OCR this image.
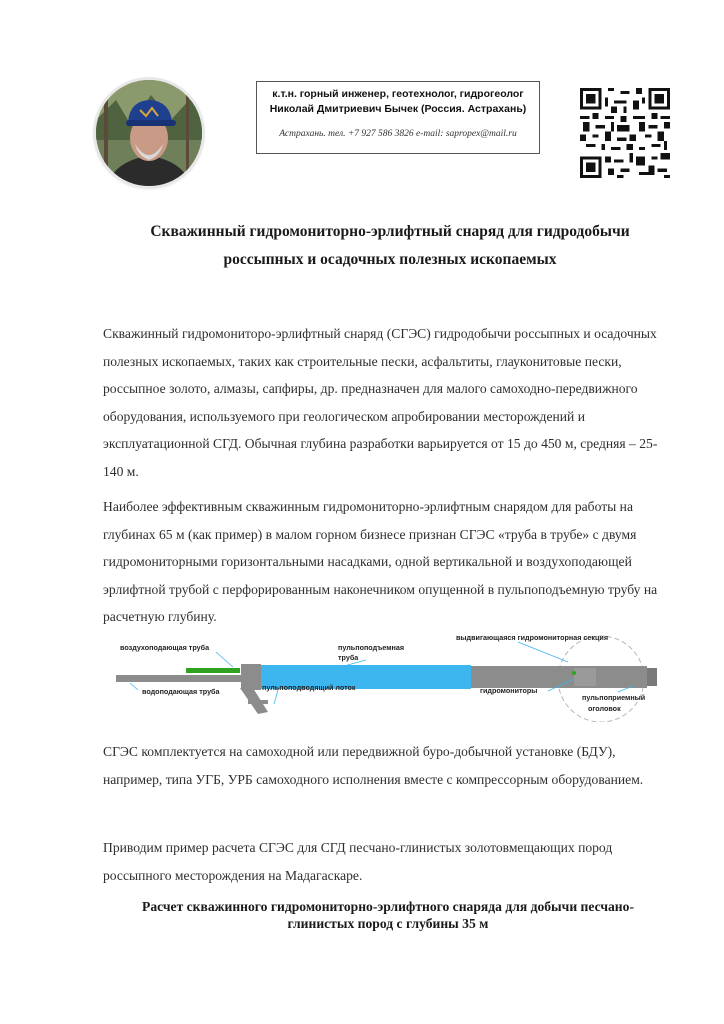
к.т.н. горный инженер, геотехнолог, гидрогеолог
Николай Дмитриевич Бычек (Россия. Астрахань)
Астрахань. тел. +7 927 586 3826 e-mail: sapropex@mail.ru
Скважинный гидромониторно-эрлифтный снаряд для гидродобычи
россыпных и осадочных полезных ископаемых

Скважинный гидромониторо-эрлифтный снаряд (СГЭС) гидродобычи россыпных и осадочных полезных ископаемых, таких как строительные пески, асфальтиты, глауконитовые пески, россыпное золото, алмазы, сапфиры, др. предназначен для малого самоходно-передвижного оборудования, используемого при геологическом апробировании месторождений и эксплуатационной СГД. Обычная глубина разработки варьируется от 15 до 450 м, средняя – 25-140 м.

Наиболее эффективным скважинным гидромониторно-эрлифтным снарядом для работы на глубинах 65 м (как пример) в малом горном бизнесе признан СГЭС «труба в трубе» с двумя гидромониторными горизонтальными насадками, одной вертикальной и воздухоподающей эрлифтной трубой с перфорированным наконечником опущенной в пульпоподъемную трубу на расчетную глубину.

воздухоподающая труба
водоподающая труба
пульпоподъемная
труба
пульпоподводящий лоток
выдвигающаяся гидромониторная секция
гидромониторы
пульпоприемный
оголовок

СГЭС комплектуется на самоходной или передвижной буро-добычной установке (БДУ), например, типа УГБ, УРБ самоходного исполнения вместе с компрессорным оборудованием.

Приводим пример расчета СГЭС для СГД песчано-глинистых золотовмещающих пород россыпного месторождения на Мадагаскаре.

Расчет скважинного гидромониторно-эрлифтного снаряда для добычи песчано-
глинистых пород с глубины 35 м
